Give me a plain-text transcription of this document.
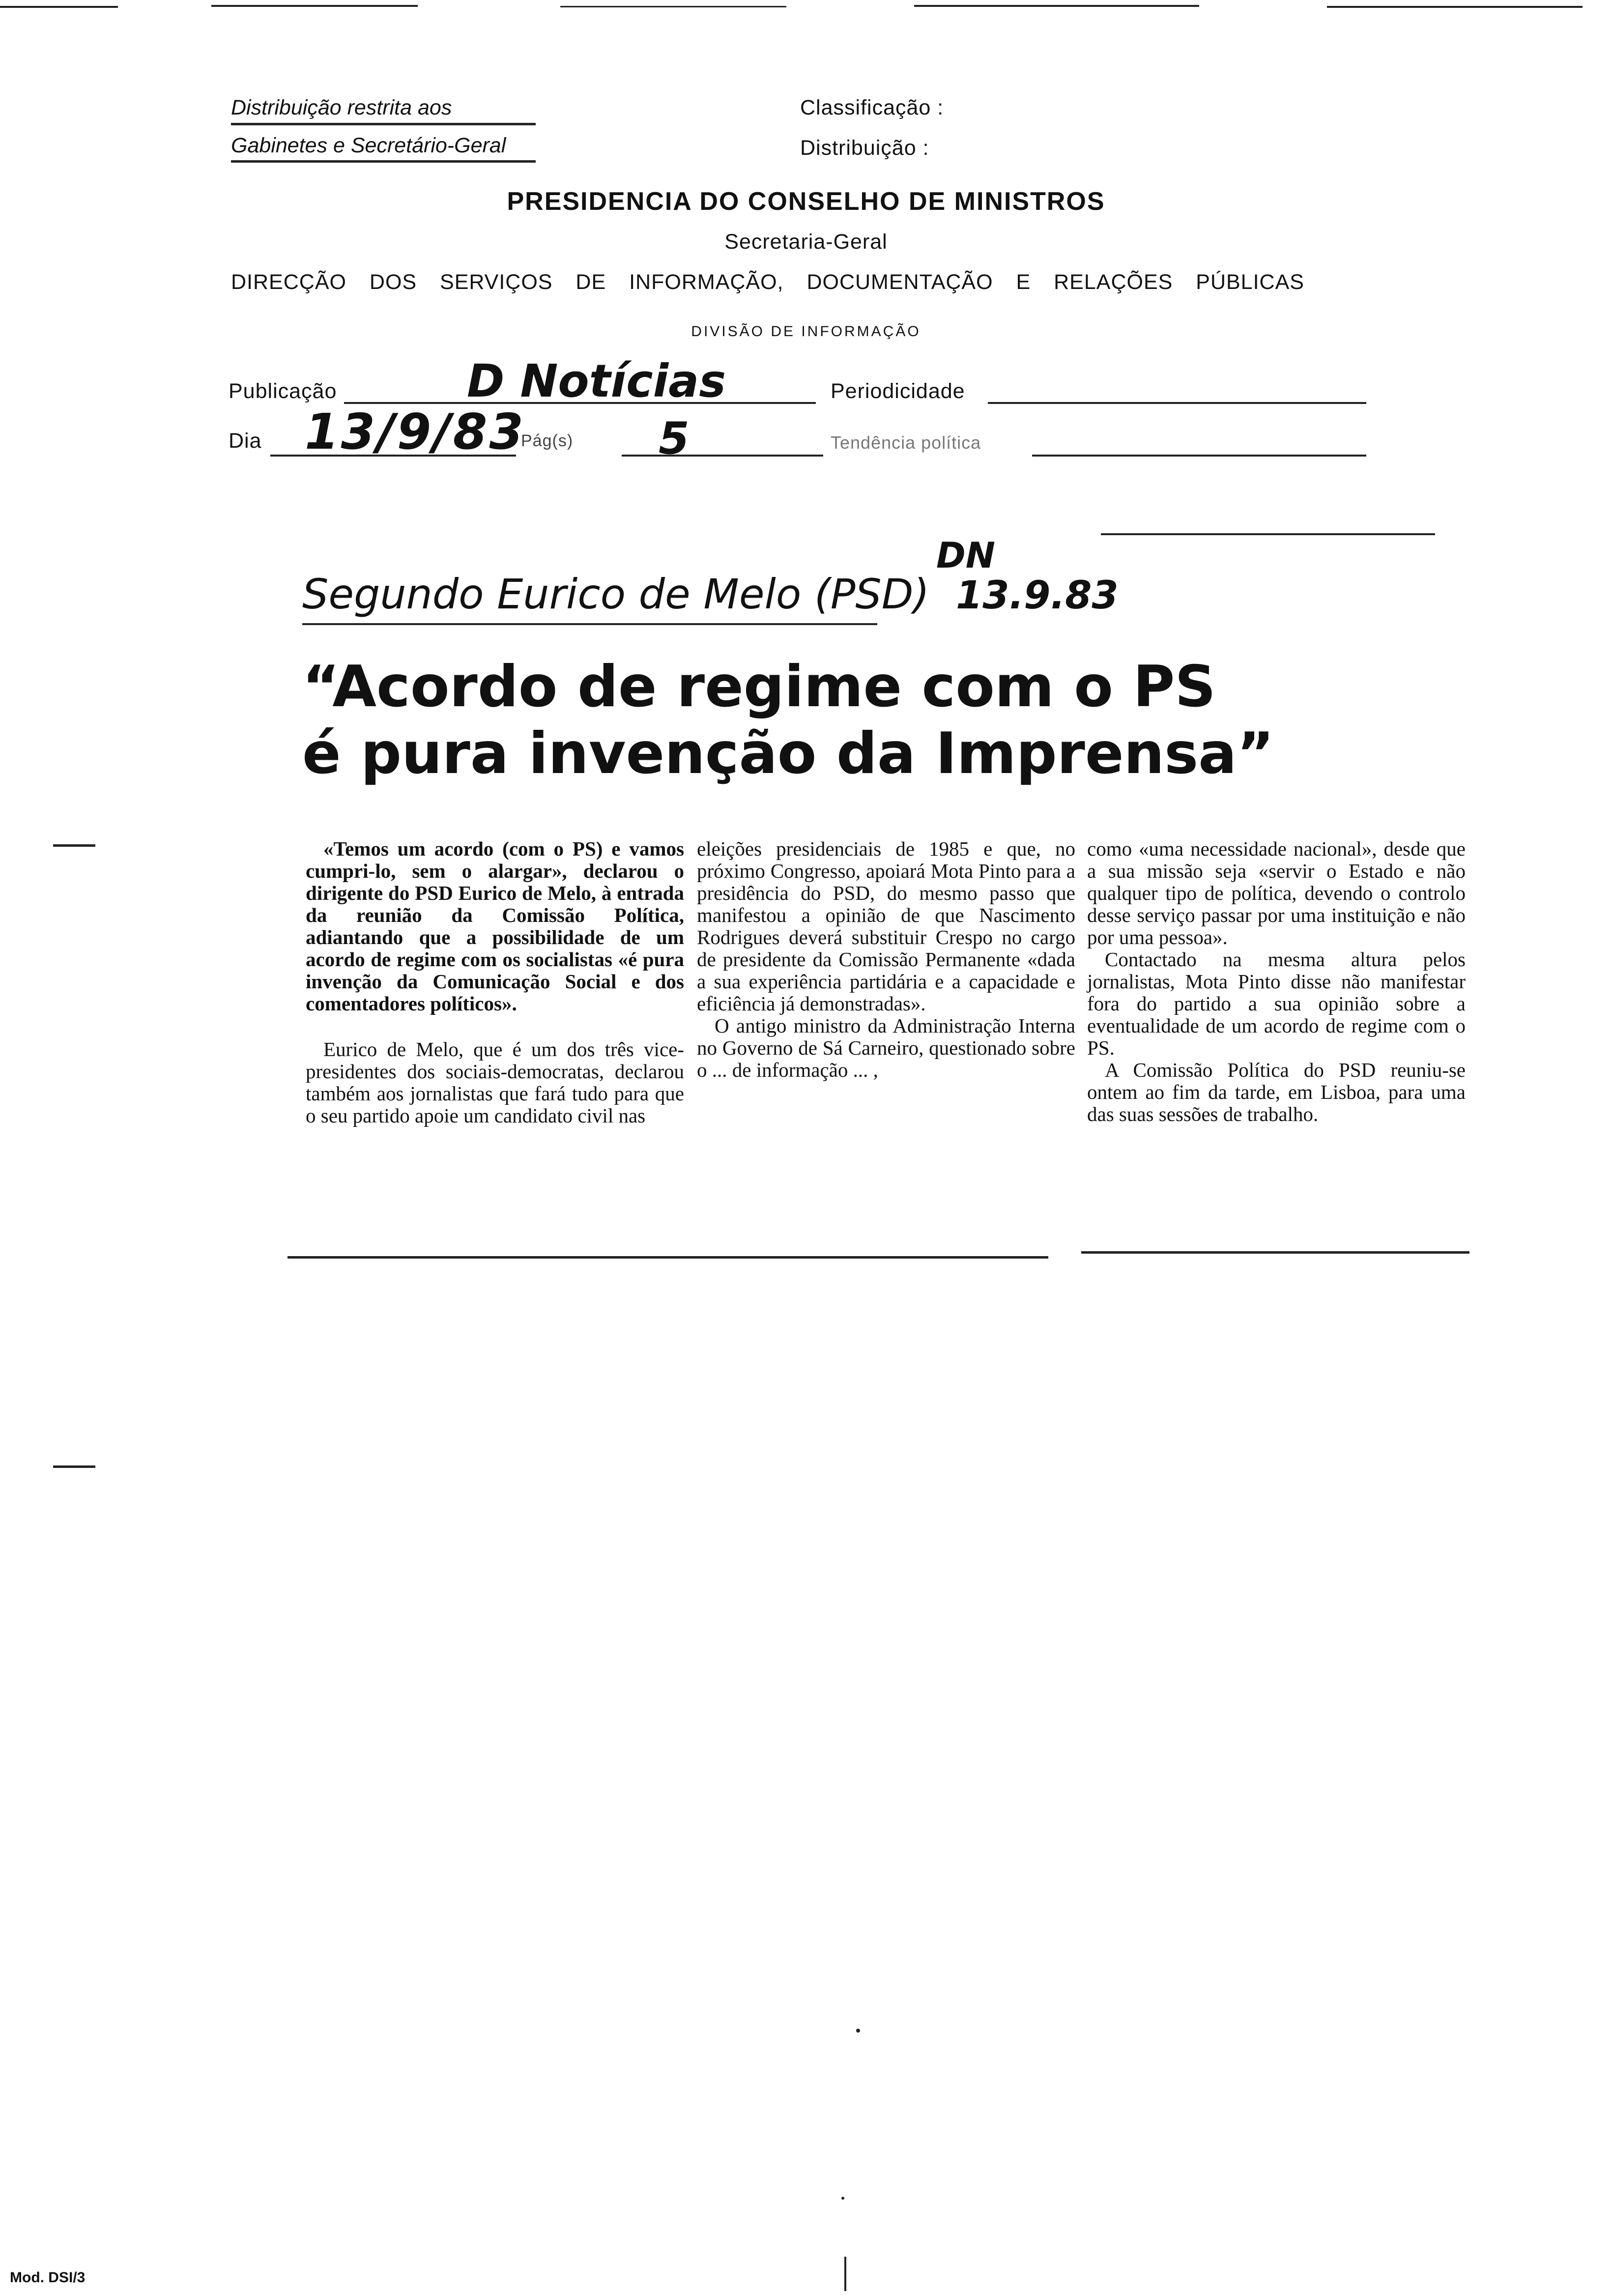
Distribuição restrita aos
Gabinetes e Secretário-Geral
Classificação :
Distribuição :
PRESIDENCIA DO CONSELHO DE MINISTROS
Secretaria-Geral
DIRECÇÃO DOS SERVIÇOS DE INFORMAÇÃO, DOCUMENTAÇÃO E RELAÇÕES PÚBLICAS
DIVISÃO DE INFORMAÇÃO
Publicação	D Notícias	Periodicidade
Dia 13/9/83
Pág(s) 5	Tendência política
DN
13.9.83
Segundo Eurico de Melo (PSD)
“Acordo de regime com o PS
é pura invenção da Imprensa”

«Temos um acordo (com o PS) e vamos cumpri-lo, sem o alargar», declarou o dirigente do PSD Eurico de Melo, à entrada da reunião da Comissão Política, adiantando que a possibilidade de um acordo de regime com os socialistas «é pura invenção da Comunicação Social e dos comentadores políticos».

Eurico de Melo, que é um dos três vice-presidentes dos sociais-democratas, declarou também aos jornalistas que fará tudo para que o seu partido apoie um candidato civil nas

eleições presidenciais de 1985 e que, no próximo Congresso, apoiará Mota Pinto para a presidência do PSD, do mesmo passo que manifestou a opinião de que Nascimento Rodrigues deverá substituir Crespo no cargo de presidente da Comissão Permanente «dada a sua experiência partidária e a capacidade e eficiência já demonstradas».

O antigo ministro da Administração Interna no Governo de Sá Carneiro, questionado sobre o ... de informação ... ,

como «uma necessidade nacional», desde que a sua missão seja «servir o Estado e não qualquer tipo de política, devendo o controlo desse serviço passar por uma instituição e não por uma pessoa».

Contactado na mesma altura pelos jornalistas, Mota Pinto disse não manifestar fora do partido a sua opinião sobre a eventualidade de um acordo de regime com o PS.

A Comissão Política do PSD reuniu-se ontem ao fim da tarde, em Lisboa, para uma das suas sessões de trabalho.

Mod. DSI/3
